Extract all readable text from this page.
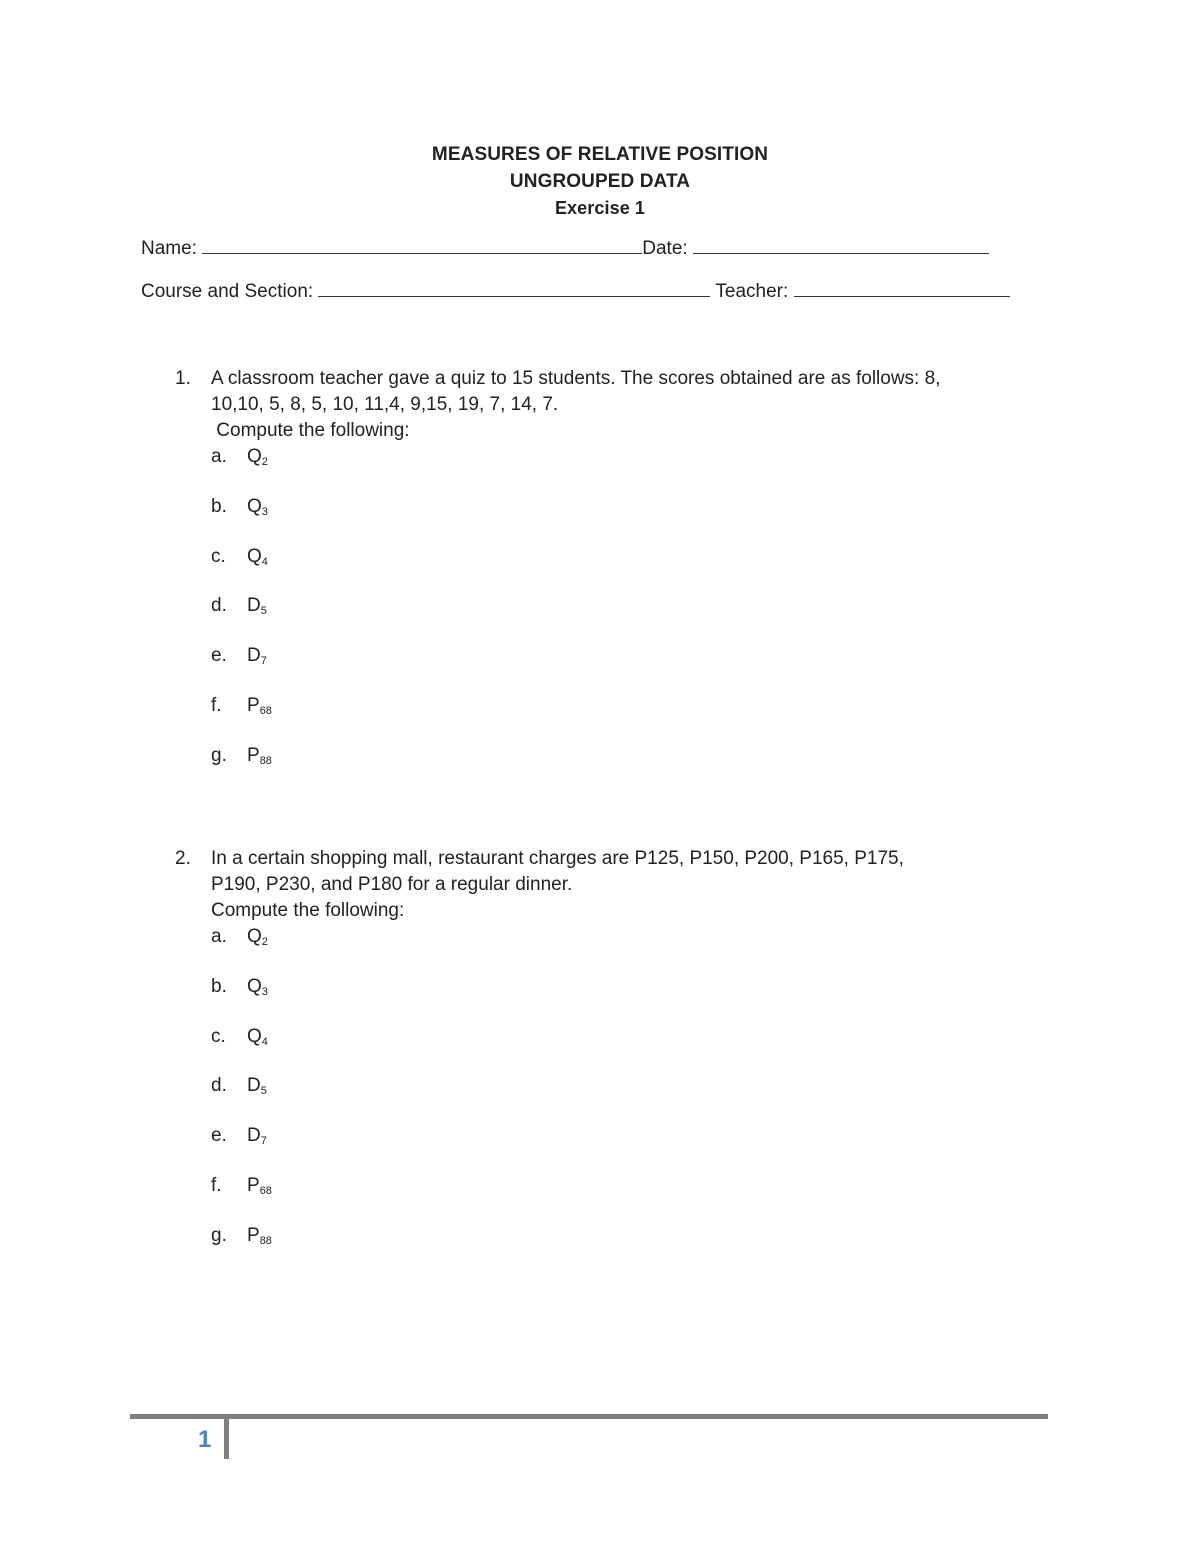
MEASURES OF RELATIVE POSITION
UNGROUPED DATA
Exercise 1
Name:	Date:
Course and Section:	Teacher:
1. A classroom teacher gave a quiz to 15 students. The scores obtained are as follows: 8,
10,10, 5, 8, 5, 10, 11,4, 9,15, 19, 7, 14, 7.
Compute the following:
a. $Q_2$
b. $Q_3$
c. $Q_4$
d. $D_5$
e. $D_7$
f. $P_{68}$
g. $P_{88}$
2. In a certain shopping mall, restaurant charges are P125, P150, P200, P165, P175,
P190, P230, and P180 for a regular dinner.
Compute the following:
a. $Q_2$
b. $Q_3$
c. $Q_4$
d. $D_5$
e. $D_7$
f. $P_{68}$
g. $P_{88}$
1
